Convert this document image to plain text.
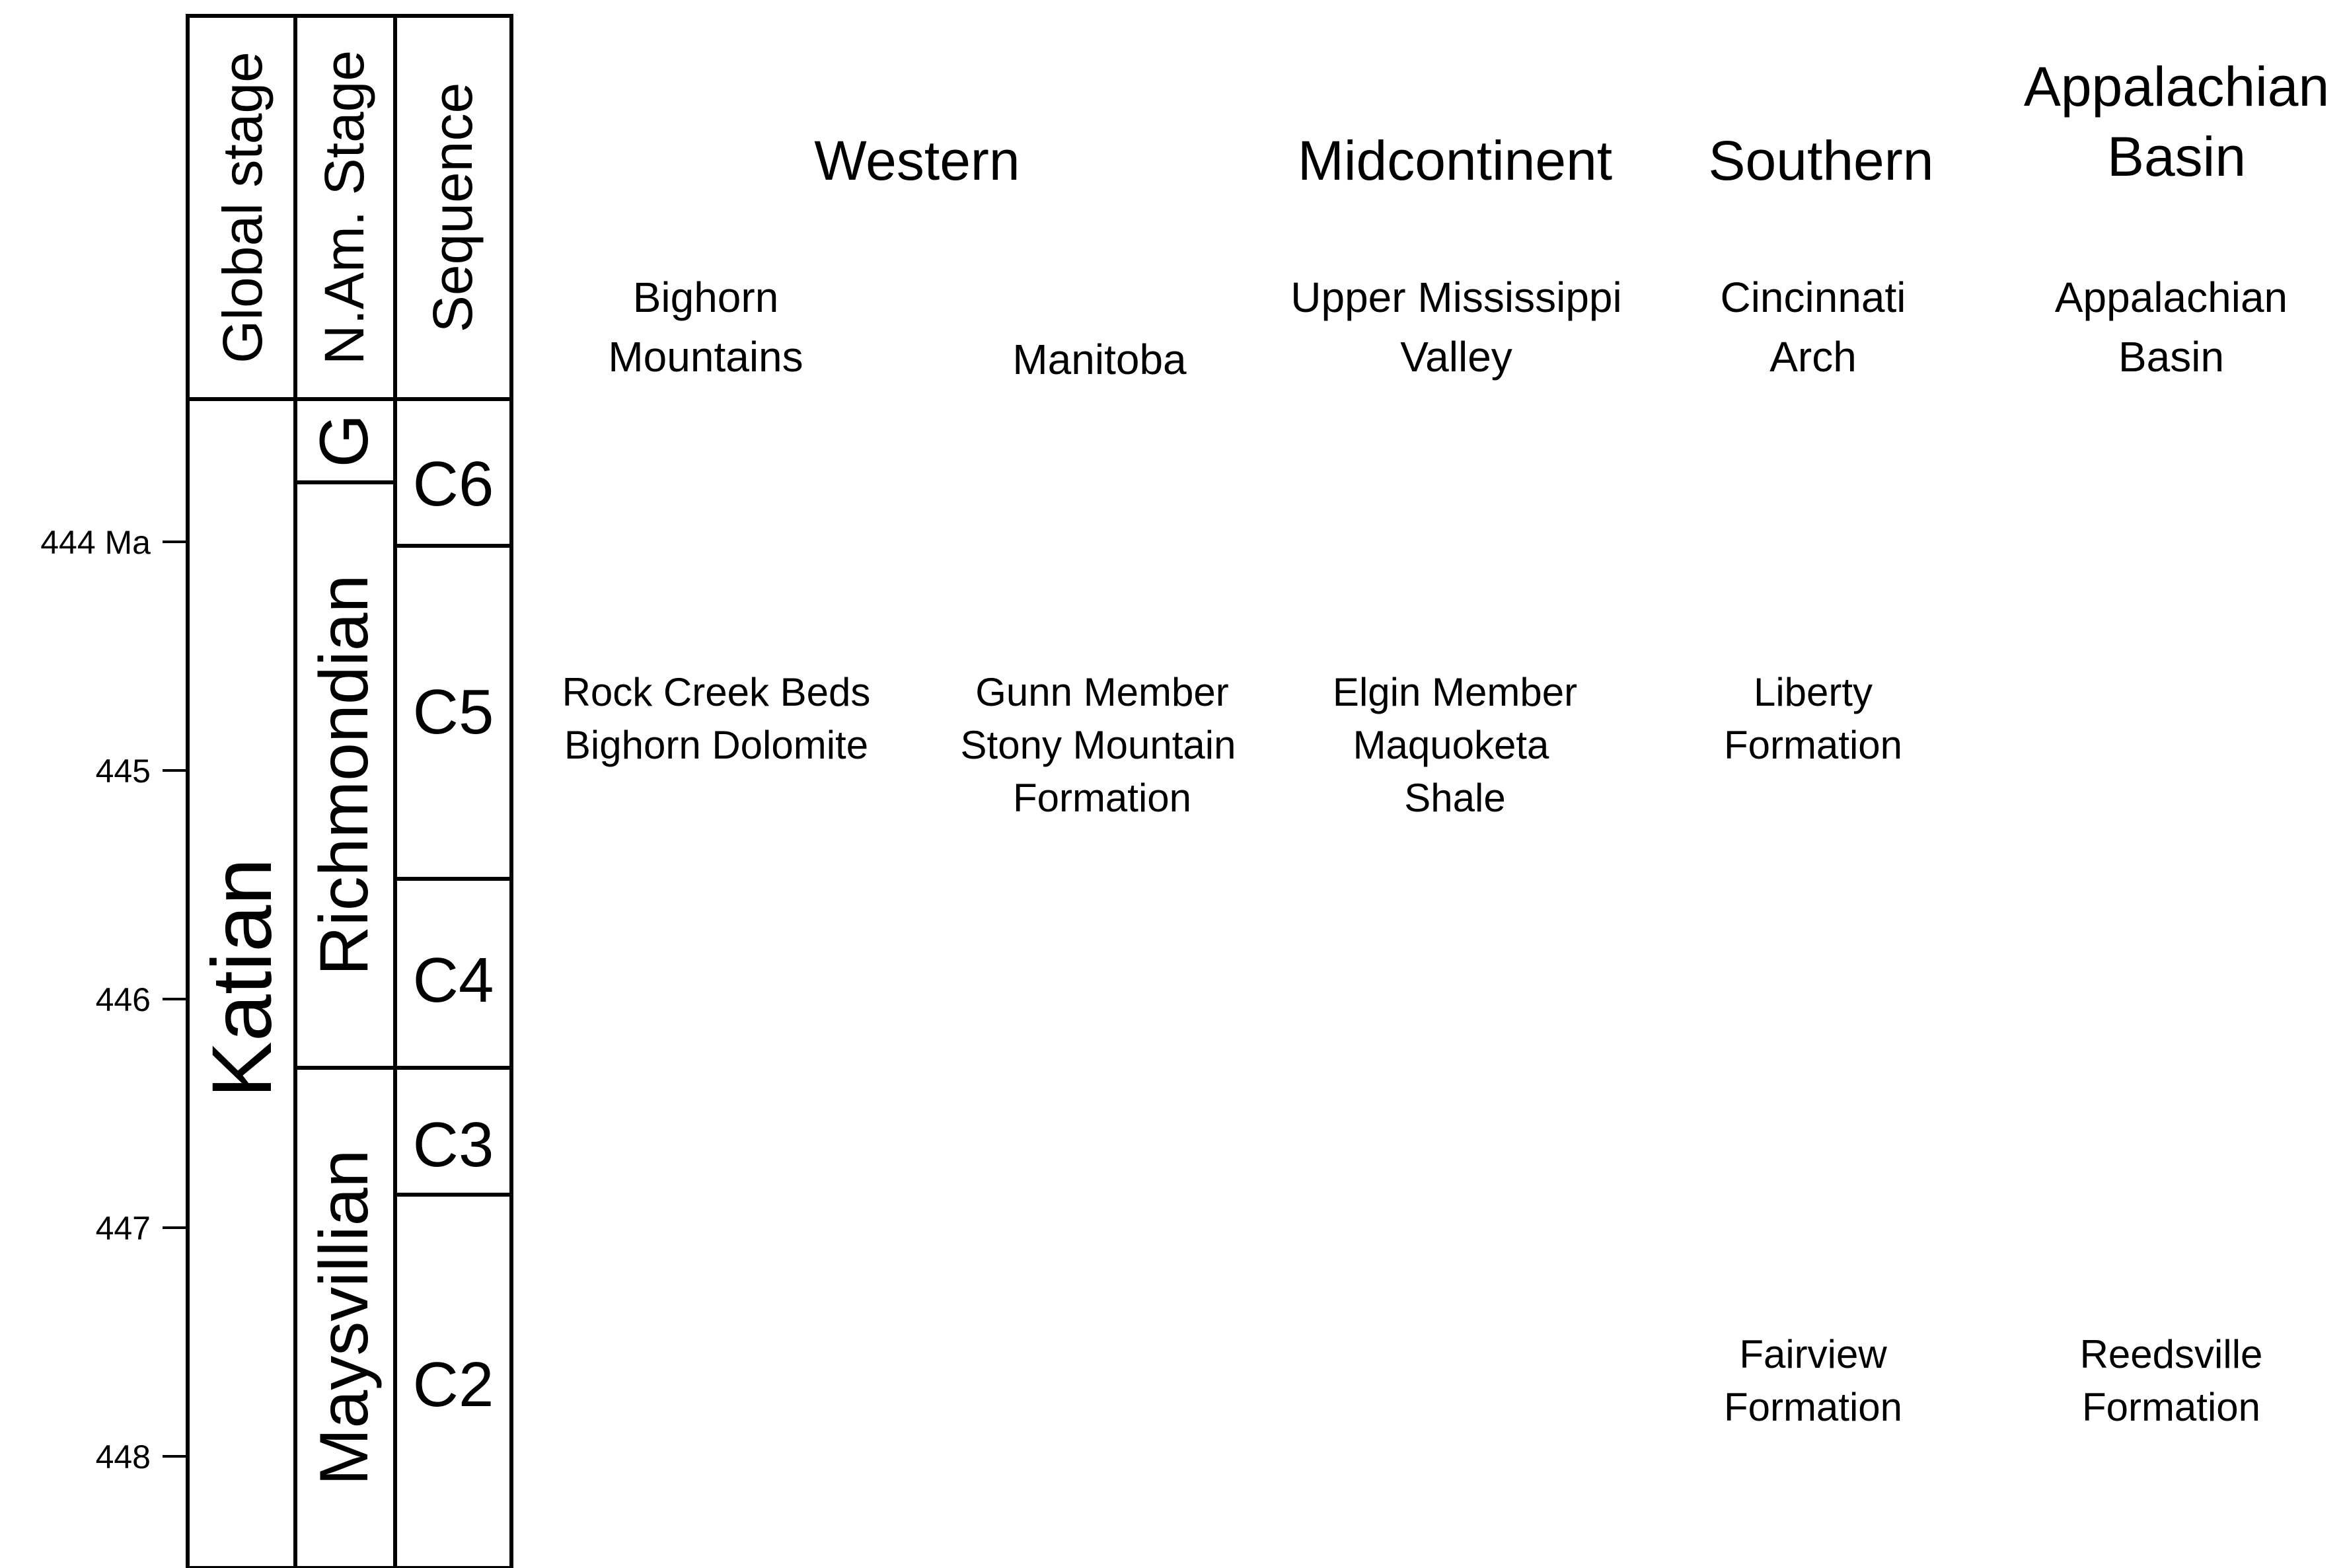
444 Ma
445
446
447
448
Global stage N.Am. Stage Sequence
Katian
G
Richmondian
Maysvillian
C6
C5
C4
C3
C2
Western	Midcontinent Southern
Appalachian
Basin
Bighorn
Mountains	Manitoba
Upper Mississippi
Valley
Cincinnati
Arch
Appalachian
Basin
Rock Creek Beds
Bighorn Dolomite
Gunn Member
Stony Mountain
Formation
Elgin Member
Maquoketa
Shale
Liberty
Formation
Fairview
Formation
Reedsville
Formation
